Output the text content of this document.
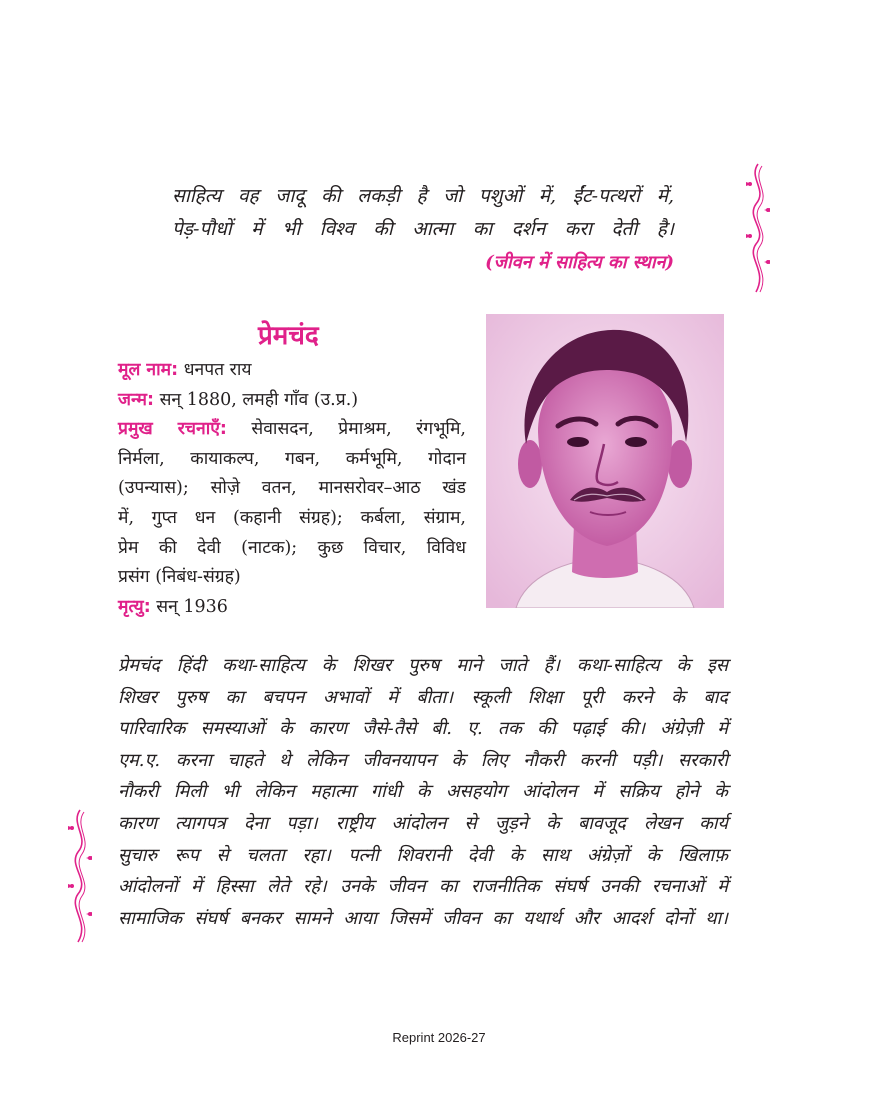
साहित्य वह जादू की लकड़ी है जो पशुओं में, ईंट-पत्थरों में,
पेड़-पौधों में भी विश्व की आत्मा का दर्शन करा देती है।
(जीवन में साहित्य का स्थान)
प्रेमचंद
मूल नाम: धनपत राय
जन्म: सन् 1880, लमही गाँव (उ.प्र.)
प्रमुख रचनाएँ: सेवासदन, प्रेमाश्रम, रंगभूमि,
निर्मला, कायाकल्प, गबन, कर्मभूमि, गोदान
(उपन्यास); सोज़े वतन, मानसरोवर–आठ खंड
में, गुप्त धन (कहानी संग्रह); कर्बला, संग्राम,
प्रेम की देवी (नाटक); कुछ विचार, विविध
प्रसंग (निबंध-संग्रह)
मृत्यु: सन् 1936
प्रेमचंद हिंदी कथा-साहित्य के शिखर पुरुष माने जाते हैं। कथा-साहित्य के इस
शिखर पुरुष का बचपन अभावों में बीता। स्कूली शिक्षा पूरी करने के बाद
पारिवारिक समस्याओं के कारण जैसे-तैसे बी. ए. तक की पढ़ाई की। अंग्रेज़ी में
एम.ए. करना चाहते थे लेकिन जीवनयापन के लिए नौकरी करनी पड़ी। सरकारी
नौकरी मिली भी लेकिन महात्मा गांधी के असहयोग आंदोलन में सक्रिय होने के
कारण त्यागपत्र देना पड़ा। राष्ट्रीय आंदोलन से जुड़ने के बावजूद लेखन कार्य
सुचारु रूप से चलता रहा। पत्नी शिवरानी देवी के साथ अंग्रेज़ों के खिलाफ़
आंदोलनों में हिस्सा लेते रहे। उनके जीवन का राजनीतिक संघर्ष उनकी रचनाओं में
सामाजिक संघर्ष बनकर सामने आया जिसमें जीवन का यथार्थ और आदर्श दोनों था।
Reprint 2026-27
